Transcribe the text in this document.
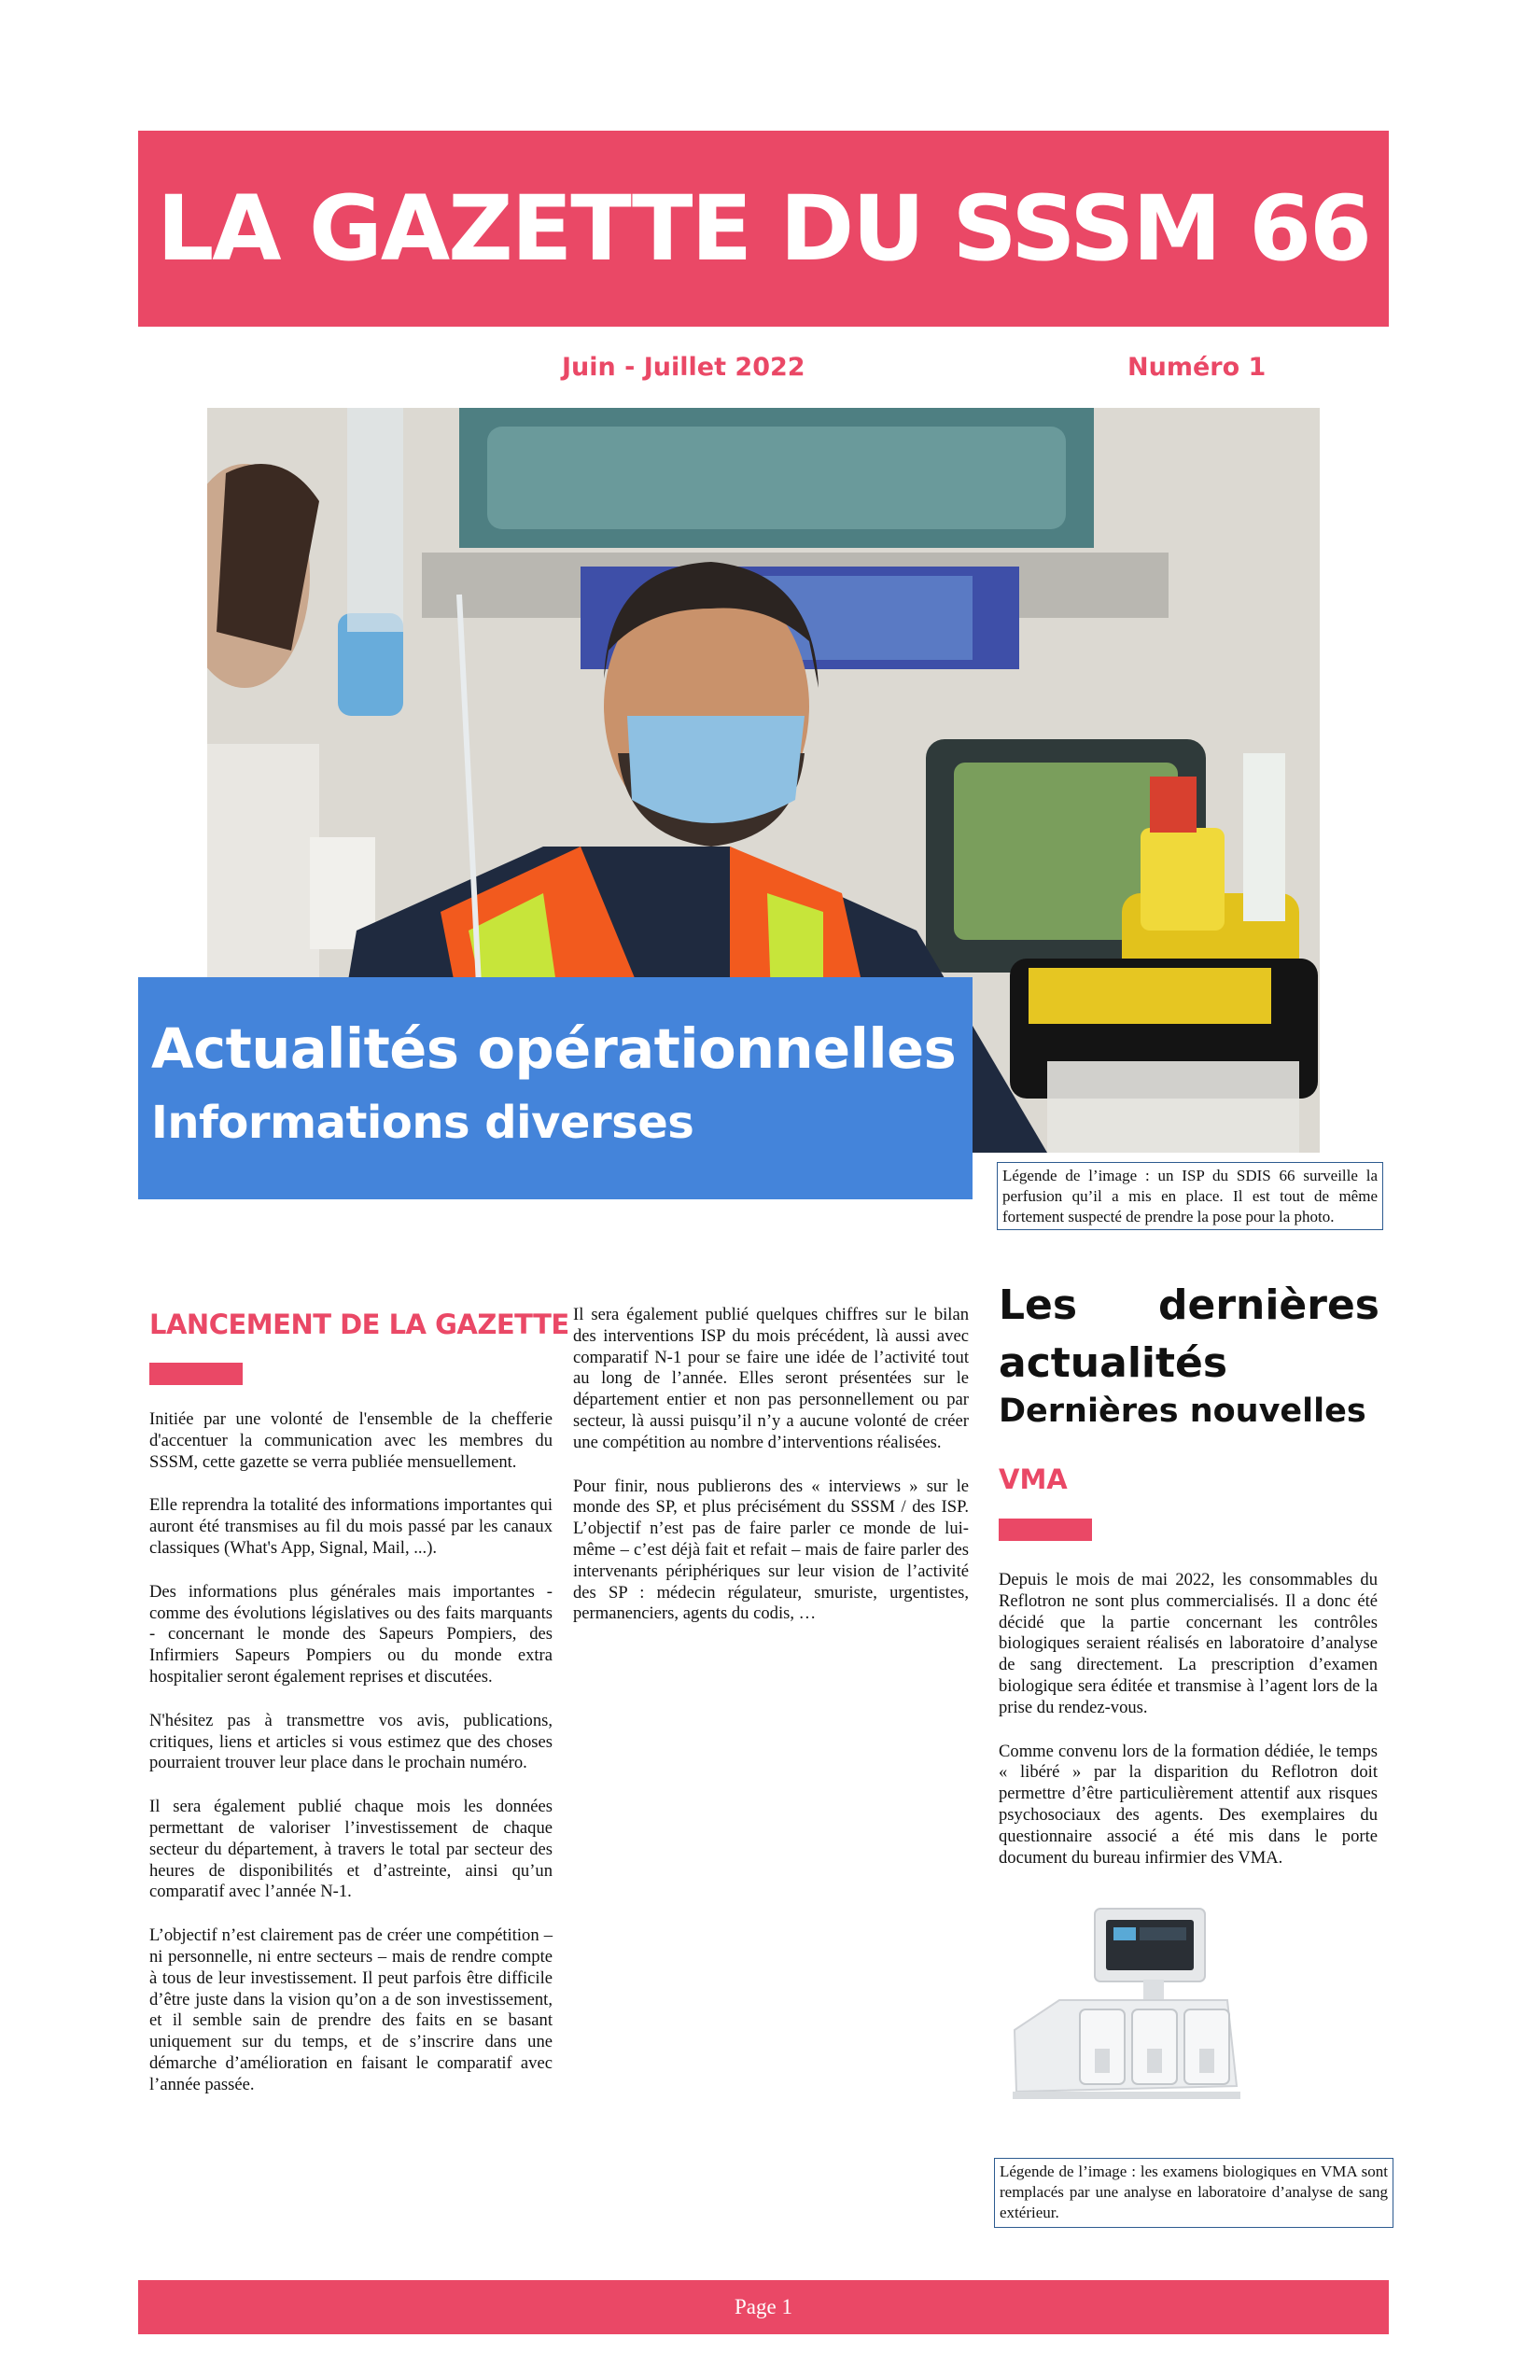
LA GAZETTE DU SSSM 66
Juin - Juillet 2022	Numéro 1
Actualités opérationnelles
Informations diverses
Légende de l’image : un ISP du SDIS 66 surveille la perfusion qu’il a mis en place. Il est tout de même fortement suspecté de prendre la pose pour la photo.
LANCEMENT DE LA GAZETTE

Initiée par une volonté de l'ensemble de la chefferie d'accentuer la communication avec les membres du SSSM, cette gazette se verra publiée mensuellement.

Elle reprendra la totalité des informations importantes qui auront été transmises au fil du mois passé par les canaux classiques (What's App, Signal, Mail, ...).

Des informations plus générales mais importantes - comme des évolutions législatives ou des faits marquants - concernant le monde des Sapeurs Pompiers, des Infirmiers Sapeurs Pompiers ou du monde extra hospitalier seront également reprises et discutées.

N'hésitez pas à transmettre vos avis, publications, critiques, liens et articles si vous estimez que des choses pourraient trouver leur place dans le prochain numéro.

Il sera également publié chaque mois les données permettant de valoriser l’investissement de chaque secteur du département, à travers le total par secteur des heures de disponibilités et d’astreinte, ainsi qu’un comparatif avec l’année N-1.

L’objectif n’est clairement pas de créer une compétition – ni personnelle, ni entre secteurs – mais de rendre compte à tous de leur investissement. Il peut parfois être difficile d’être juste dans la vision qu’on a de son investissement, et il semble sain de prendre des faits en se basant uniquement sur du temps, et de s’inscrire dans une démarche d’amélioration en faisant le comparatif avec l’année passée.

Il sera également publié quelques chiffres sur le bilan des interventions ISP du mois précédent, là aussi avec comparatif N-1 pour se faire une idée de l’activité tout au long de l’année. Elles seront présentées sur le département entier et non pas personnellement ou par secteur, là aussi puisqu’il n’y a aucune volonté de créer une compétition au nombre d’interventions réalisées.

Pour finir, nous publierons des « interviews » sur le monde des SP, et plus précisément du SSSM / des ISP. L’objectif n’est pas de faire parler ce monde de lui-même – c’est déjà fait et refait – mais de faire parler des intervenants périphériques sur leur vision de l’activité des SP : médecin régulateur, smuriste, urgentistes, permanenciers, agents du codis, …

Les dernières
actualités
Dernières nouvelles
VMA

Depuis le mois de mai 2022, les consommables du Reflotron ne sont plus commercialisés. Il a donc été décidé que la partie concernant les contrôles biologiques seraient réalisés en laboratoire d’analyse de sang directement. La prescription d’examen biologique sera éditée et transmise à l’agent lors de la prise du rendez-vous.

Comme convenu lors de la formation dédiée, le temps « libéré » par la disparition du Reflotron doit permettre d’être particulièrement attentif aux risques psychosociaux des agents. Des exemplaires du questionnaire associé a été mis dans le porte document du bureau infirmier des VMA.

Légende de l’image : les examens biologiques en VMA sont remplacés par une analyse en laboratoire d’analyse de sang extérieur.
Page 1
